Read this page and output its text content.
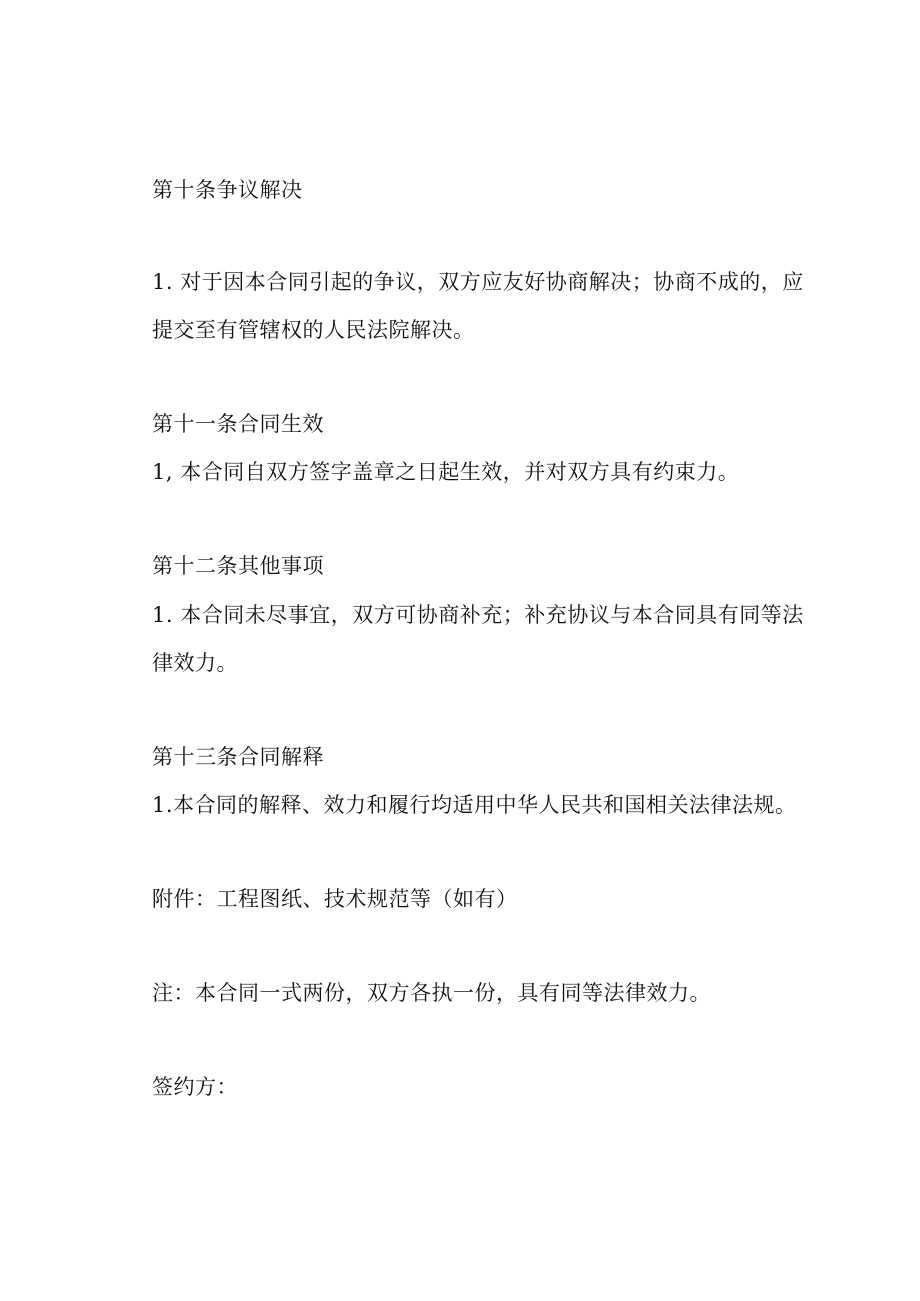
第十条争议解决
1. 对于因本合同引起的争议，双方应友好协商解决；协商不成的，应
提交至有管辖权的人民法院解决。
第十一条合同生效
1, 本合同自双方签字盖章之日起生效，并对双方具有约束力。
第十二条其他事项
1. 本合同未尽事宜，双方可协商补充；补充协议与本合同具有同等法
律效力。
第十三条合同解释
1.本合同的解释、效力和履行均适用中华人民共和国相关法律法规。
附件：工程图纸、技术规范等（如有）
注：本合同一式两份，双方各执一份，具有同等法律效力。
签约方：
